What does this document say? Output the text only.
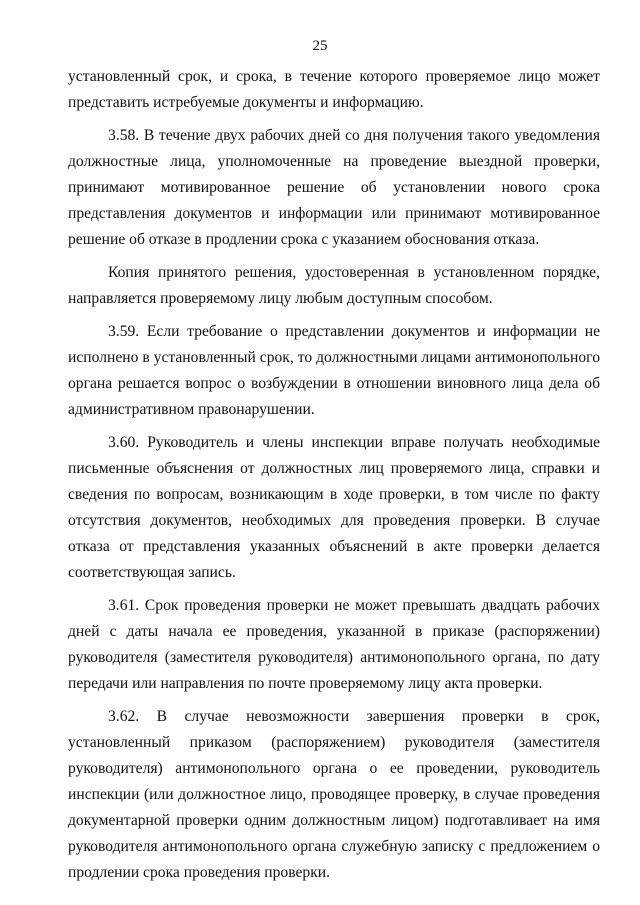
25

установленный срок, и срока, в течение которого проверяемое лицо может представить истребуемые документы и информацию.

3.58. В течение двух рабочих дней со дня получения такого уведомления должностные лица, уполномоченные на проведение выездной проверки, принимают мотивированное решение об установлении нового срока представления документов и информации или принимают мотивированное решение об отказе в продлении срока с указанием обоснования отказа.

Копия принятого решения, удостоверенная в установленном порядке, направляется проверяемому лицу любым доступным способом.

3.59. Если требование о представлении документов и информации не исполнено в установленный срок, то должностными лицами антимонопольного органа решается вопрос о возбуждении в отношении виновного лица дела об административном правонарушении.

3.60. Руководитель и члены инспекции вправе получать необходимые письменные объяснения от должностных лиц проверяемого лица, справки и сведения по вопросам, возникающим в ходе проверки, в том числе по факту отсутствия документов, необходимых для проведения проверки. В случае отказа от представления указанных объяснений в акте проверки делается соответствующая запись.

3.61. Срок проведения проверки не может превышать двадцать рабочих дней с даты начала ее проведения, указанной в приказе (распоряжении) руководителя (заместителя руководителя) антимонопольного органа, по дату передачи или направления по почте проверяемому лицу акта проверки.

3.62. В случае невозможности завершения проверки в срок, установленный приказом (распоряжением) руководителя (заместителя руководителя) антимонопольного органа о ее проведении, руководитель инспекции (или должностное лицо, проводящее проверку, в случае проведения документарной проверки одним должностным лицом) подготавливает на имя руководителя антимонопольного органа служебную записку с предложением о продлении срока проведения проверки.
